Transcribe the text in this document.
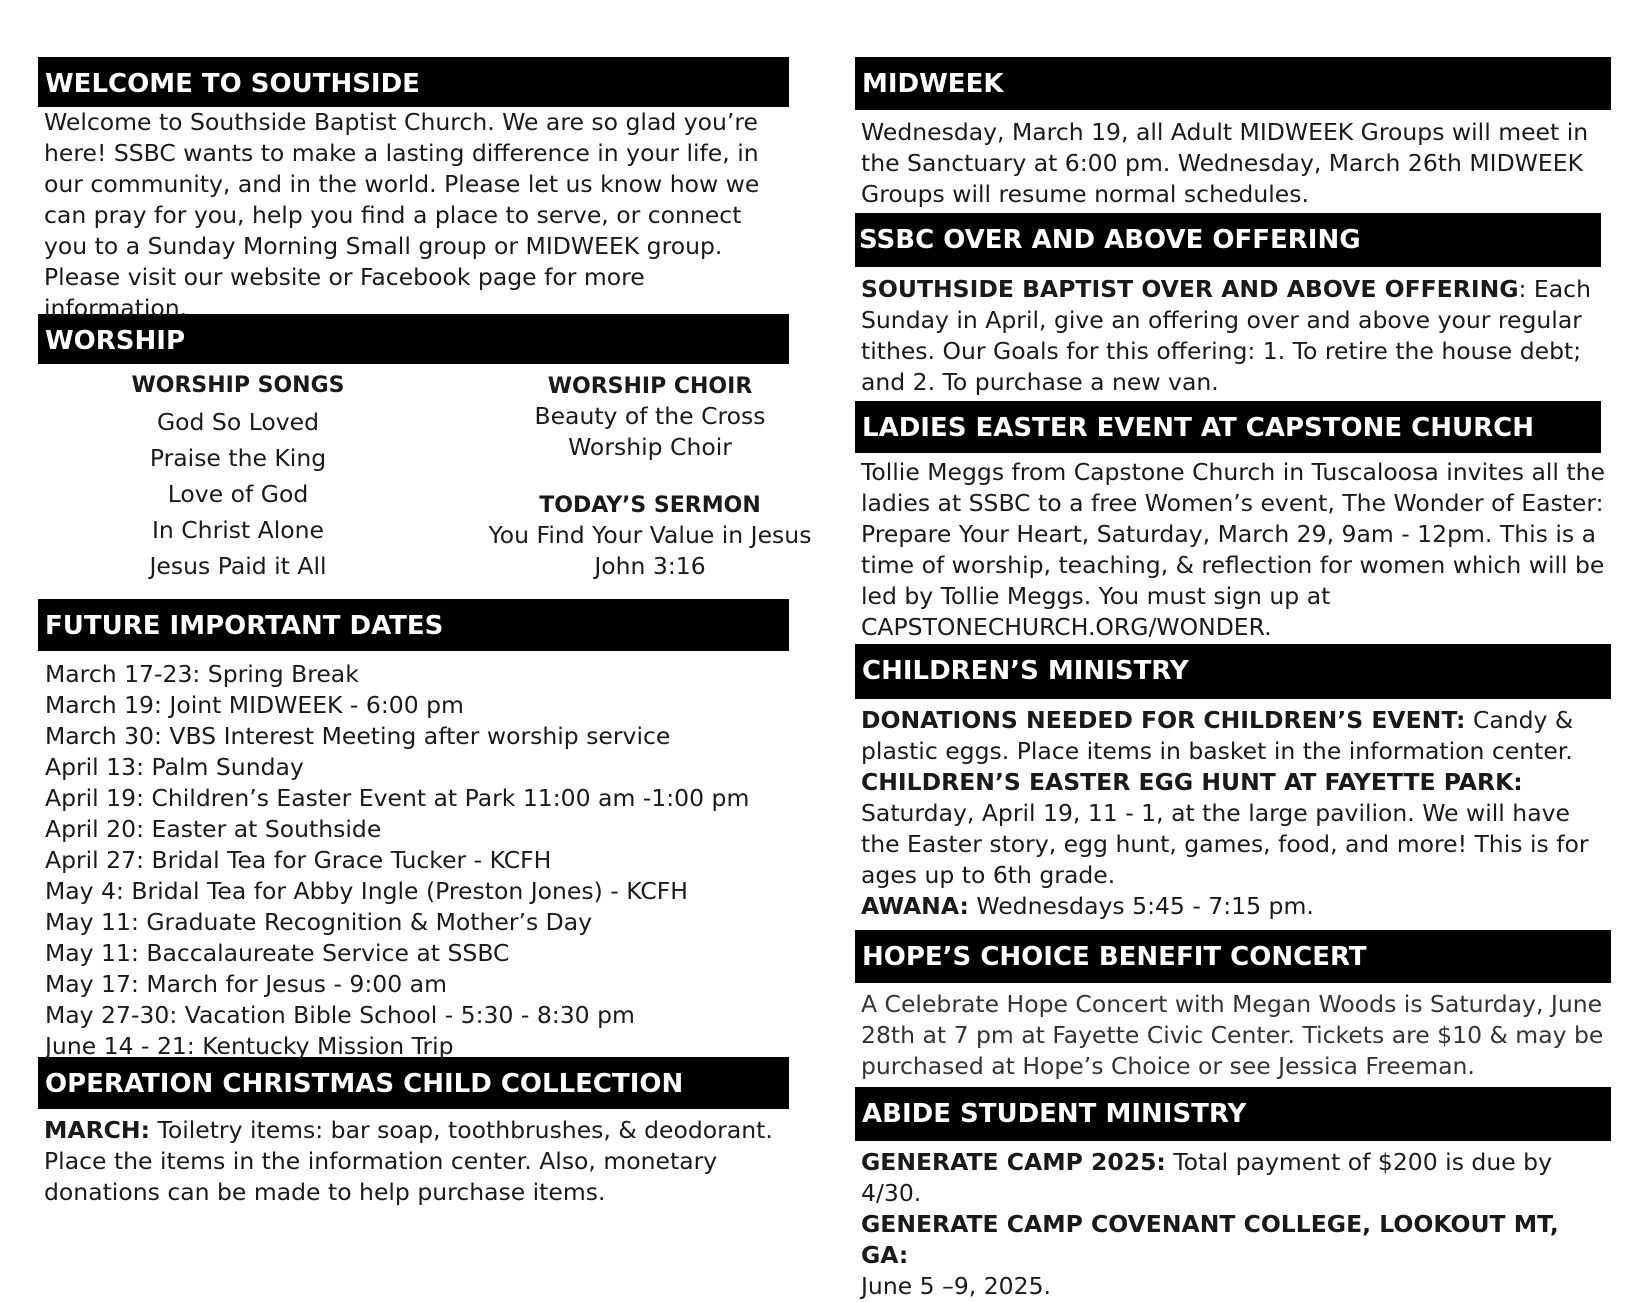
WELCOME TO SOUTHSIDE
Welcome to Southside Baptist Church. We are so glad you’re here! SSBC wants to make a lasting difference in your life, in our community, and in the world. Please let us know how we can pray for you, help you find a place to serve, or connect you to a Sunday Morning Small group or MIDWEEK group. Please visit our website or Facebook page for more information.
WORSHIP
WORSHIP SONGS
God So Loved
Praise the King
Love of God
In Christ Alone
Jesus Paid it All
WORSHIP CHOIR
Beauty of the Cross
Worship Choir
TODAY’S SERMON
You Find Your Value in Jesus
John 3:16
FUTURE IMPORTANT DATES
March 17-23: Spring Break
March 19: Joint MIDWEEK - 6:00 pm
March 30: VBS Interest Meeting after worship service
April 13: Palm Sunday
April 19: Children’s Easter Event at Park 11:00 am -1:00 pm
April 20: Easter at Southside
April 27: Bridal Tea for Grace Tucker - KCFH
May 4: Bridal Tea for Abby Ingle (Preston Jones) - KCFH
May 11: Graduate Recognition & Mother’s Day
May 11: Baccalaureate Service at SSBC
May 17: March for Jesus - 9:00 am
May 27-30: Vacation Bible School - 5:30 - 8:30 pm
June 14 - 21: Kentucky Mission Trip
OPERATION CHRISTMAS CHILD COLLECTION
MARCH: Toiletry items: bar soap, toothbrushes, & deodorant. Place the items in the information center. Also, monetary donations can be made to help purchase items.
MIDWEEK
Wednesday, March 19, all Adult MIDWEEK Groups will meet in the Sanctuary at 6:00 pm. Wednesday, March 26th MIDWEEK Groups will resume normal schedules.
SSBC OVER AND ABOVE OFFERING
SOUTHSIDE BAPTIST OVER AND ABOVE OFFERING: Each Sunday in April, give an offering over and above your regular tithes. Our Goals for this offering: 1. To retire the house debt; and 2. To purchase a new van.
LADIES EASTER EVENT AT CAPSTONE CHURCH
Tollie Meggs from Capstone Church in Tuscaloosa invites all the ladies at SSBC to a free Women’s event, The Wonder of Easter: Prepare Your Heart, Saturday, March 29, 9am - 12pm. This is a time of worship, teaching, & reflection for women which will be led by Tollie Meggs. You must sign up at CAPSTONECHURCH.ORG/WONDER.
CHILDREN’S MINISTRY
DONATIONS NEEDED FOR CHILDREN’S EVENT: Candy & plastic eggs. Place items in basket in the information center.
CHILDREN’S EASTER EGG HUNT AT FAYETTE PARK: Saturday, April 19, 11 - 1, at the large pavilion. We will have the Easter story, egg hunt, games, food, and more! This is for ages up to 6th grade.
AWANA: Wednesdays 5:45 - 7:15 pm.
HOPE’S CHOICE BENEFIT CONCERT
A Celebrate Hope Concert with Megan Woods is Saturday, June 28th at 7 pm at Fayette Civic Center. Tickets are $10 & may be purchased at Hope’s Choice or see Jessica Freeman.
ABIDE STUDENT MINISTRY
GENERATE CAMP 2025: Total payment of $200 is due by 4/30.
GENERATE CAMP COVENANT COLLEGE, LOOKOUT MT, GA:
June 5 –9, 2025.
